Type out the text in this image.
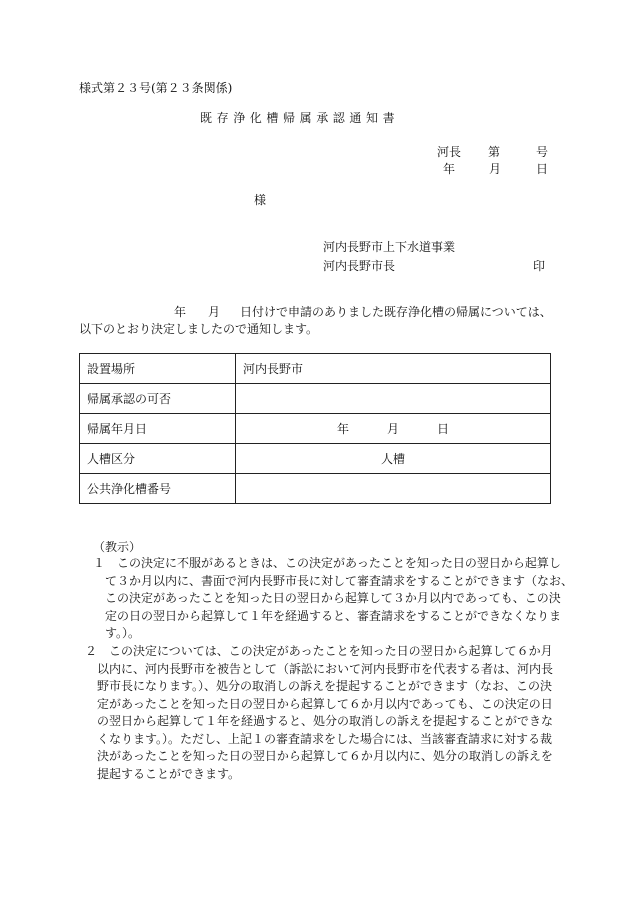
様式第２３号(第２３条関係)
既存浄化槽帰属承認通知書
河長 第	号
年	月	日
様
河内長野市上下水道事業
河内長野市長	印
年 月 日付けで申請のありました既存浄化槽の帰属については、
以下のとおり決定しましたので通知します。
設置場所	河内長野市
帰属承認の可否	
帰属年月日	年 月 日
人槽区分	人槽
公共浄化槽番号	
（教示）
１　この決定に不服があるときは、この決定があったことを知った日の翌日から起算し
　て３か月以内に、書面で河内長野市長に対して審査請求をすることができます（なお、
　この決定があったことを知った日の翌日から起算して３か月以内であっても、この決
　定の日の翌日から起算して１年を経過すると、審査請求をすることができなくなりま
　す。）。
２　この決定については、この決定があったことを知った日の翌日から起算して６か月
　以内に、河内長野市を被告として（訴訟において河内長野市を代表する者は、河内長
　野市長になります。）、処分の取消しの訴えを提起することができます（なお、この決
　定があったことを知った日の翌日から起算して６か月以内であっても、この決定の日
　の翌日から起算して１年を経過すると、処分の取消しの訴えを提起することができな
　くなります。）。ただし、上記１の審査請求をした場合には、当該審査請求に対する裁
　決があったことを知った日の翌日から起算して６か月以内に、処分の取消しの訴えを
　提起することができます。
